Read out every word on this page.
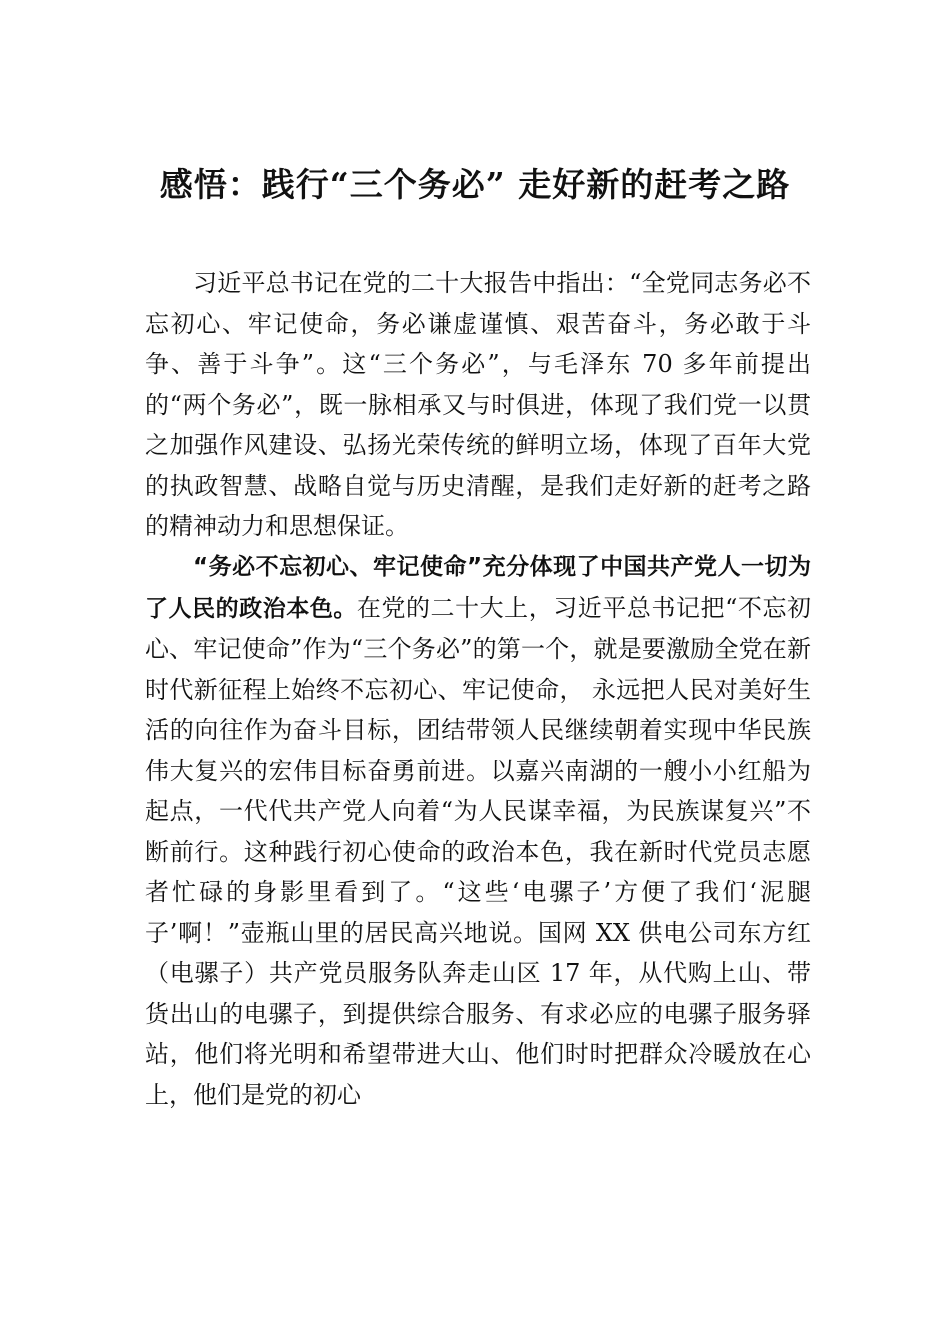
感悟：践行“三个务必” 走好新的赶考之路

习近平总书记在党的二十大报告中指出：“全党同志务必不忘初心、牢记使命，务必谦虚谨慎、艰苦奋斗，务必敢于斗争、善于斗争”。这“三个务必”，与毛泽东 70 多年前提出的“两个务必”，既一脉相承又与时俱进，体现了我们党一以贯之加强作风建设、弘扬光荣传统的鲜明立场，体现了百年大党的执政智慧、战略自觉与历史清醒，是我们走好新的赶考之路的精神动力和思想保证。

“务必不忘初心、牢记使命”充分体现了中国共产党人一切为了人民的政治本色。在党的二十大上，习近平总书记把“不忘初心、牢记使命”作为“三个务必”的第一个，就是要激励全党在新时代新征程上始终不忘初心、牢记使命， 永远把人民对美好生活的向往作为奋斗目标，团结带领人民继续朝着实现中华民族伟大复兴的宏伟目标奋勇前进。以嘉兴南湖的一艘小小红船为起点，一代代共产党人向着“为人民谋幸福，为民族谋复兴”不断前行。这种践行初心使命的政治本色，我在新时代党员志愿者忙碌的身影里看到了。“这些‘电骡子’方便了我们‘泥腿子’啊！”壶瓶山里的居民高兴地说。国网 XX 供电公司东方红（电骡子）共产党员服务队奔走山区 17 年，从代购上山、带货出山的电骡子，到提供综合服务、有求必应的电骡子服务驿站，他们将光明和希望带进大山、他们时时把群众冷暖放在心上，他们是党的初心
